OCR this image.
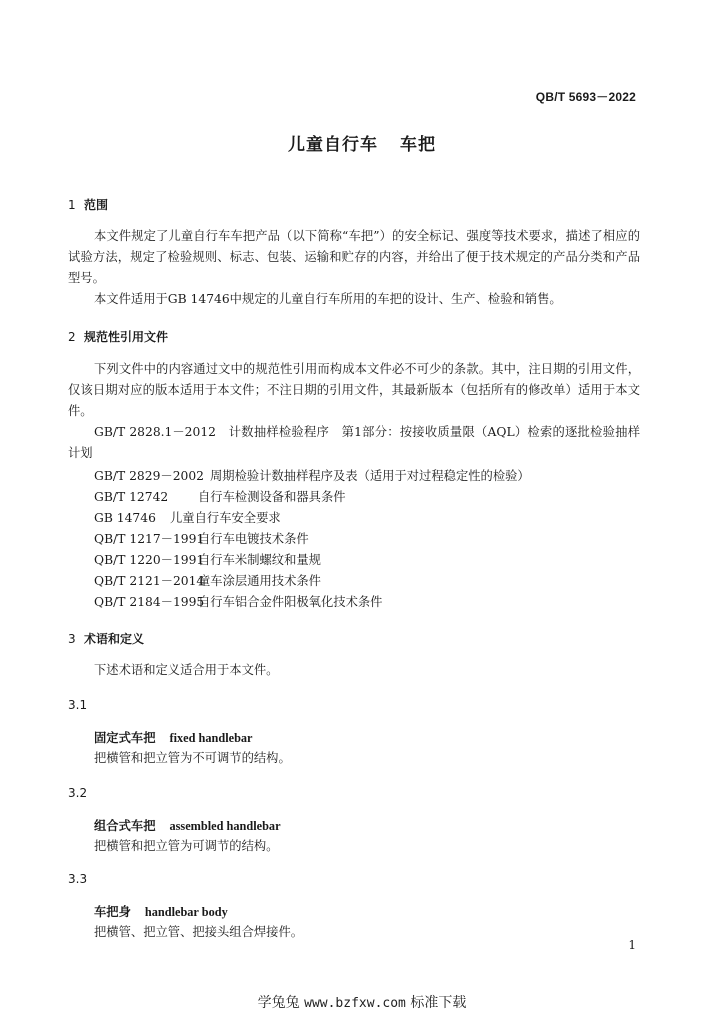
QB/T 5693－2022
儿童自行车 车把
1 范围
本文件规定了儿童自行车车把产品（以下简称“车把”）的安全标记、强度等技术要求，描述了相应的试验方法，规定了检验规则、标志、包装、运输和贮存的内容，并给出了便于技术规定的产品分类和产品型号。
本文件适用于GB 14746中规定的儿童自行车所用的车把的设计、生产、检验和销售。
2 规范性引用文件
下列文件中的内容通过文中的规范性引用而构成本文件必不可少的条款。其中，注日期的引用文件，仅该日期对应的版本适用于本文件；不注日期的引用文件，其最新版本（包括所有的修改单）适用于本文件。
GB/T 2828.1－2012　计数抽样检验程序　第1部分：按接收质量限（AQL）检索的逐批检验抽样计划
GB/T 2829－2002 周期检验计数抽样程序及表（适用于对过程稳定性的检验）
GB/T 12742 自行车检测设备和器具条件
GB 14746 儿童自行车安全要求
QB/T 1217－1991自行车电镀技术条件
QB/T 1220－1991自行车米制螺纹和量规
QB/T 2121－2014童车涂层通用技术条件
QB/T 2184－1995自行车铝合金件阳极氧化技术条件
3 术语和定义
下述术语和定义适合用于本文件。
3.1
固定式车把 fixed handlebar
把横管和把立管为不可调节的结构。
3.2
组合式车把 assembled handlebar
把横管和把立管为可调节的结构。
3.3
车把身 handlebar body
把横管、把立管、把接头组合焊接件。
1
学兔兔 www.bzfxw.com 标准下载
